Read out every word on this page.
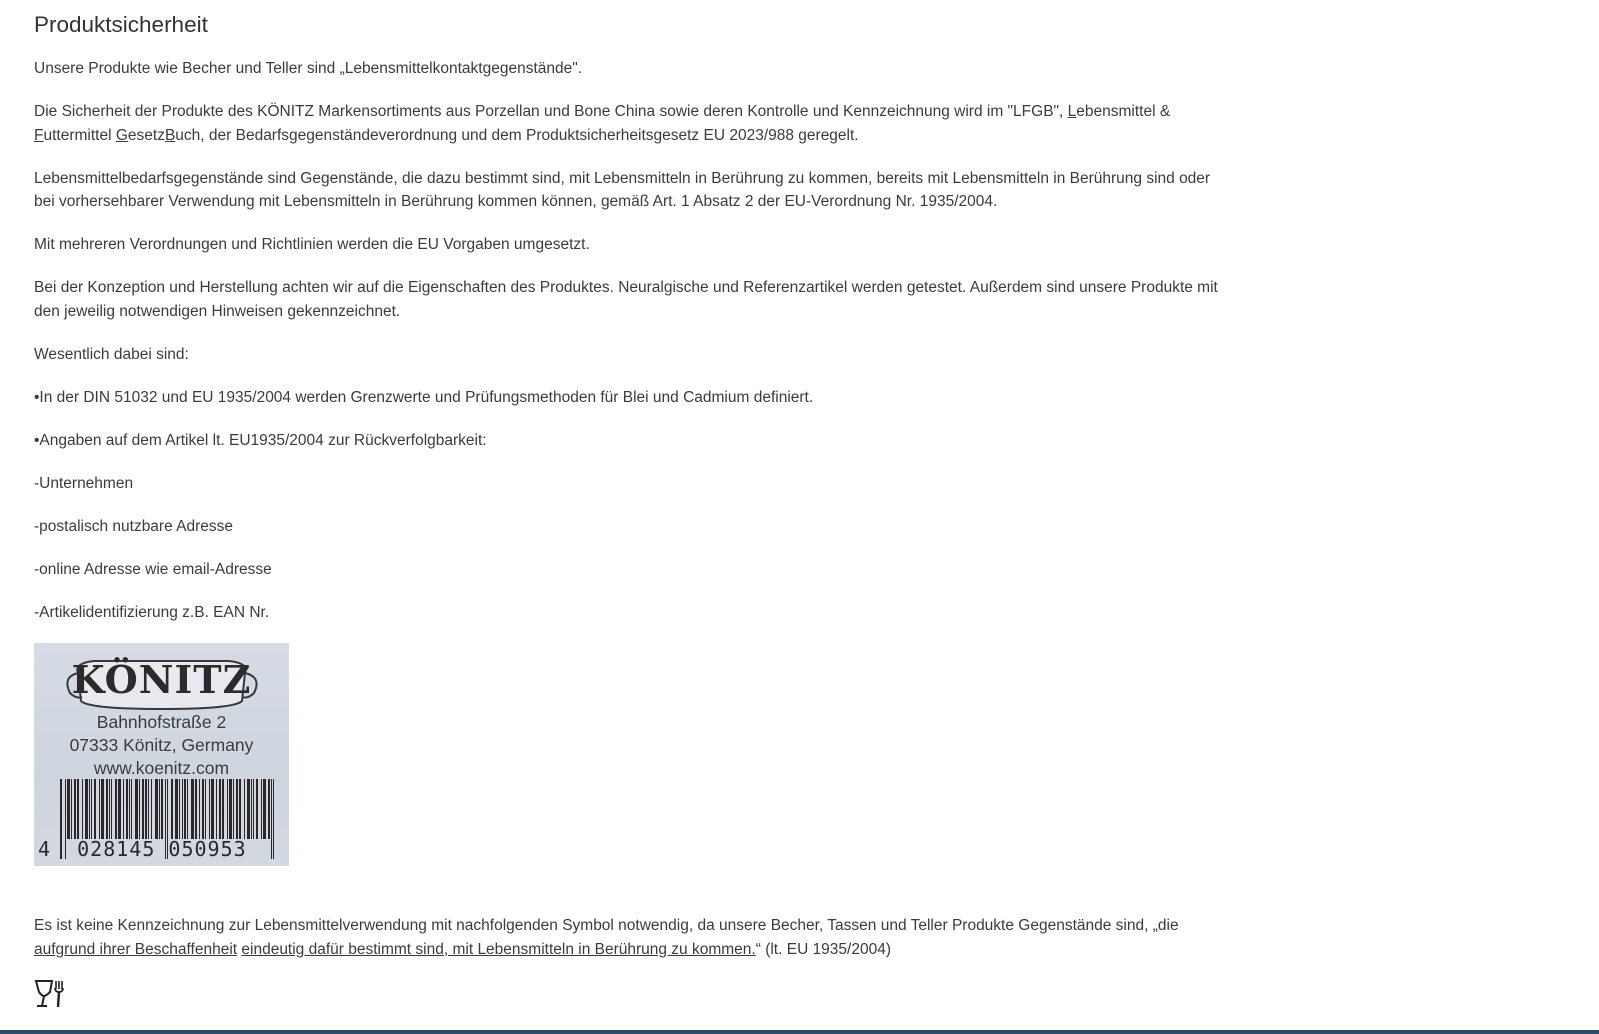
Produktsicherheit

Unsere Produkte wie Becher und Teller sind „Lebensmittelkontaktgegenstände".

Die Sicherheit der Produkte des KÖNITZ Markensortiments aus Porzellan und Bone China sowie deren Kontrolle und Kennzeichnung wird im "LFGB", Lebensmittel &
Futtermittel GesetzBuch, der Bedarfsgegenständeverordnung und dem Produktsicherheitsgesetz EU 2023/988 geregelt.

Lebensmittelbedarfsgegenstände sind Gegenstände, die dazu bestimmt sind, mit Lebensmitteln in Berührung zu kommen, bereits mit Lebensmitteln in Berührung sind oder bei vorhersehbarer Verwendung mit Lebensmitteln in Berührung kommen können, gemäß Art. 1 Absatz 2 der EU-Verordnung Nr. 1935/2004.

Mit mehreren Verordnungen und Richtlinien werden die EU Vorgaben umgesetzt.

Bei der Konzeption und Herstellung achten wir auf die Eigenschaften des Produktes. Neuralgische und Referenzartikel werden getestet. Außerdem sind unsere Produkte mit den jeweilig notwendigen Hinweisen gekennzeichnet.

Wesentlich dabei sind:

•In der DIN 51032 und EU 1935/2004 werden Grenzwerte und Prüfungsmethoden für Blei und Cadmium definiert.

•Angaben auf dem Artikel lt. EU1935/2004 zur Rückverfolgbarkeit:

-Unternehmen

-postalisch nutzbare Adresse

-online Adresse wie email-Adresse

-Artikelidentifizierung z.B. EAN Nr.

KÖNITZ
Bahnhofstraße 2
07333 Könitz, Germany
www.koenitz.com
4 028145 050953

Es ist keine Kennzeichnung zur Lebensmittelverwendung mit nachfolgenden Symbol notwendig, da unsere Becher, Tassen und Teller Produkte Gegenstände sind, „die
aufgrund ihrer Beschaffenheit eindeutig dafür bestimmt sind, mit Lebensmitteln in Berührung zu kommen.“ (lt. EU 1935/2004)
